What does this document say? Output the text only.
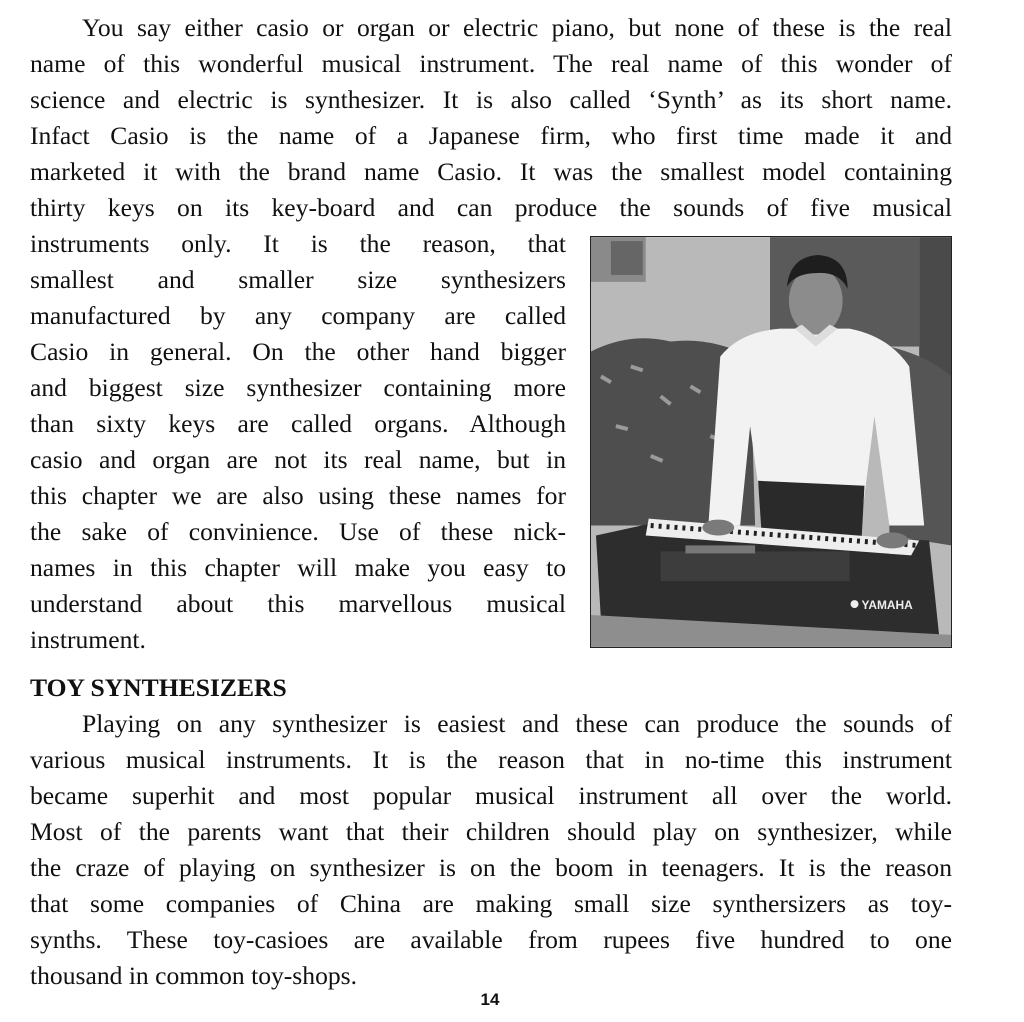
You say either casio or organ or electric piano, but none of these is the real
name of this wonderful musical instrument. The real name of this wonder of
science and electric is synthesizer. It is also called ‘Synth’ as its short name.
Infact Casio is the name of a Japanese firm, who first time made it and
marketed it with the brand name Casio. It was the smallest model containing
thirty keys on its key-board and can produce the sounds of five musical
instruments only. It is the reason, that
smallest and smaller size synthesizers
manufactured by any company are called
Casio in general. On the other hand bigger
and biggest size synthesizer containing more
than sixty keys are called organs. Although
casio and organ are not its real name, but in
this chapter we are also using these names for
the sake of convinience. Use of these nick-
names in this chapter will make you easy to
understand about this marvellous musical
instrument.
YAMAHA
TOY SYNTHESIZERS
Playing on any synthesizer is easiest and these can produce the sounds of
various musical instruments. It is the reason that in no-time this instrument
became superhit and most popular musical instrument all over the world.
Most of the parents want that their children should play on synthesizer, while
the craze of playing on synthesizer is on the boom in teenagers. It is the reason
that some companies of China are making small size synthersizers as toy-
synths. These toy-casioes are available from rupees five hundred to one
thousand in common toy-shops.
14
